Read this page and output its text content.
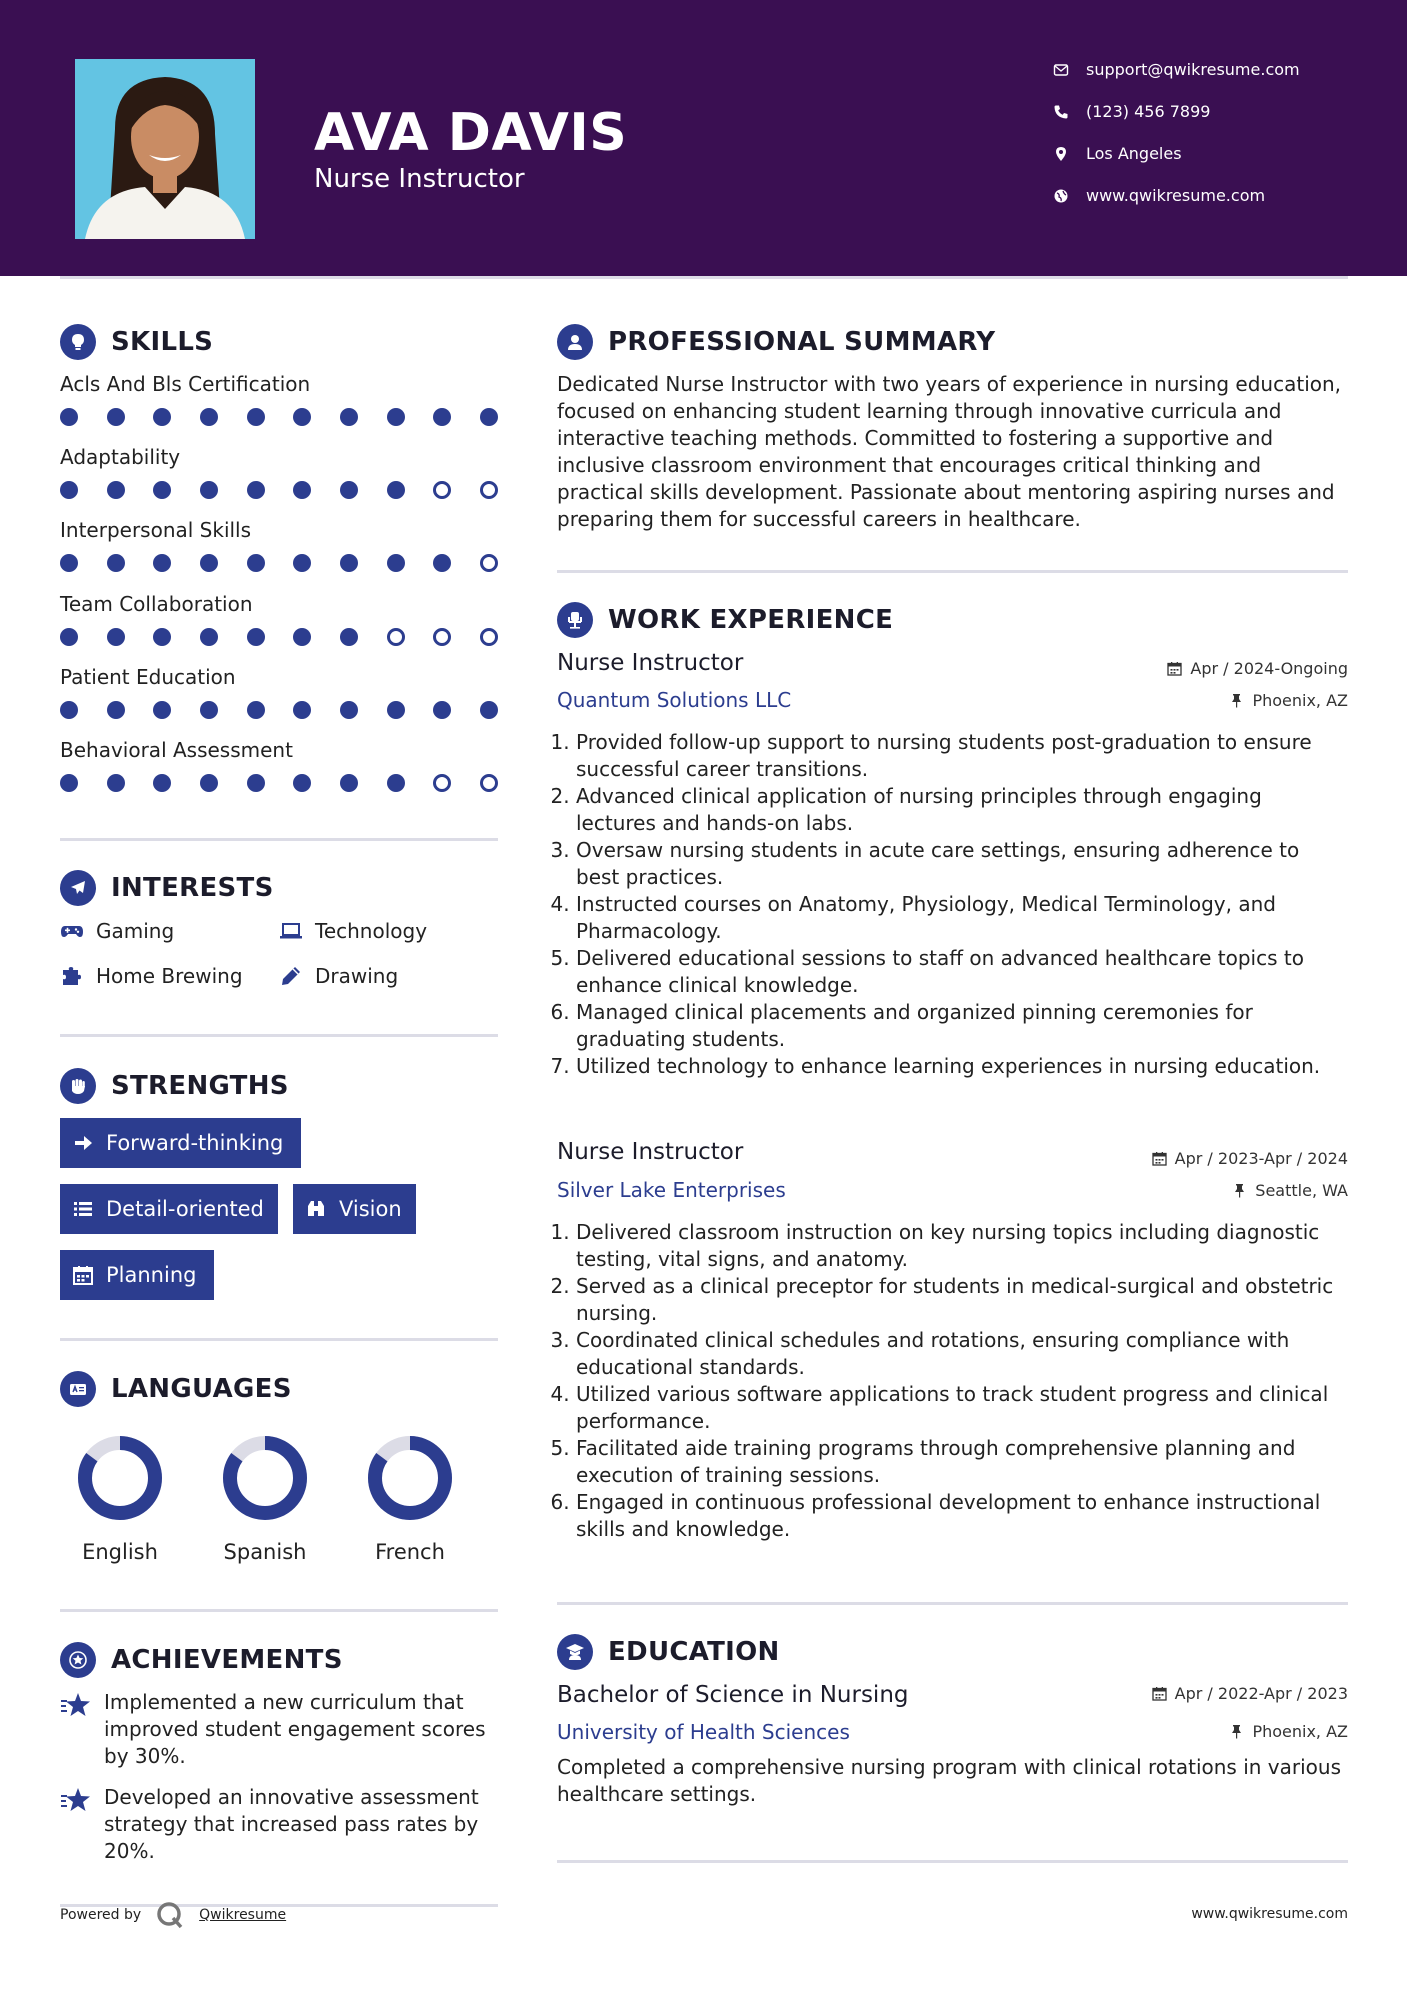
AVA DAVIS
Nurse Instructor
support@qwikresume.com
(123) 456 7899
Los Angeles
www.qwikresume.com
SKILLS
Acls And Bls Certification
Adaptability
Interpersonal Skills
Team Collaboration
Patient Education
Behavioral Assessment
INTERESTS
Gaming	Technology
Home Brewing	Drawing
STRENGTHS
Forward-thinking
Detail-oriented	Vision
Planning
LANGUAGES
English	Spanish	French
ACHIEVEMENTS
Implemented a new curriculum that improved student engagement scores by 30%.
Developed an innovative assessment strategy that increased pass rates by 20%.
PROFESSIONAL SUMMARY
Dedicated Nurse Instructor with two years of experience in nursing education, focused on enhancing student learning through innovative curricula and interactive teaching methods. Committed to fostering a supportive and inclusive classroom environment that encourages critical thinking and practical skills development. Passionate about mentoring aspiring nurses and preparing them for successful careers in healthcare.
WORK EXPERIENCE
Nurse Instructor	Apr / 2024-Ongoing
Quantum Solutions LLC	Phoenix, AZ
1. Provided follow-up support to nursing students post-graduation to ensure successful career transitions.
2. Advanced clinical application of nursing principles through engaging lectures and hands-on labs.
3. Oversaw nursing students in acute care settings, ensuring adherence to best practices.
4. Instructed courses on Anatomy, Physiology, Medical Terminology, and Pharmacology.
5. Delivered educational sessions to staff on advanced healthcare topics to enhance clinical knowledge.
6. Managed clinical placements and organized pinning ceremonies for graduating students.
7. Utilized technology to enhance learning experiences in nursing education.
Nurse Instructor	Apr / 2023-Apr / 2024
Silver Lake Enterprises	Seattle, WA
1. Delivered classroom instruction on key nursing topics including diagnostic testing, vital signs, and anatomy.
2. Served as a clinical preceptor for students in medical-surgical and obstetric nursing.
3. Coordinated clinical schedules and rotations, ensuring compliance with educational standards.
4. Utilized various software applications to track student progress and clinical performance.
5. Facilitated aide training programs through comprehensive planning and execution of training sessions.
6. Engaged in continuous professional development to enhance instructional skills and knowledge.
EDUCATION
Bachelor of Science in Nursing	Apr / 2022-Apr / 2023
University of Health Sciences	Phoenix, AZ
Completed a comprehensive nursing program with clinical rotations in various healthcare settings.
Powered by	Qwikresume	www.qwikresume.com
